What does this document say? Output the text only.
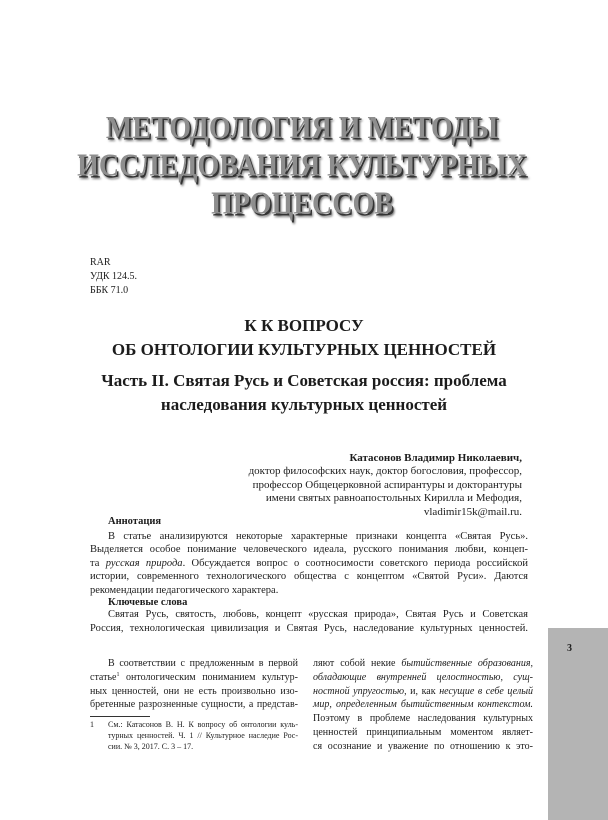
МЕТОДОЛОГИЯ И МЕТОДЫ
ИССЛЕДОВАНИЯ КУЛЬТУРНЫХ
ПРОЦЕССОВ
RAR
УДК 124.5.
ББК 71.0
К К ВОПРОСУ
ОБ ОНТОЛОГИИ КУЛЬТУРНЫХ ЦЕННОСТЕЙ
Часть II. Святая Русь и Советская россия: проблема
наследования культурных ценностей
Катасонов Владимир Николаевич,
доктор философских наук, доктор богословия, профессор,
профессор Общецерковной аспирантуры и докторантуры
имени святых равноапостольных Кирилла и Мефодия,
vladimir15k@mail.ru.
Аннотация
В статье анализируются некоторые характерные признаки концепта «Святая Русь».
Выделяется особое понимание человеческого идеала, русского понимания любви, концеп-
та русская природа. Обсуждается вопрос о соотносимости советского периода российской
истории, современного технологического общества с концептом «Святой Руси». Даются
рекомендации педагогического характера.
Ключевые слова
Святая Русь, святость, любовь, концепт «русская природа», Святая Русь и Советская
Россия, технологическая цивилизация и Святая Русь, наследование культурных ценностей.
В соответствии с предложенным в первой
статье$^1$ онтологическим пониманием культур-
ных ценностей, они не есть произвольно изо-
бретенные разрозненные сущности, а представ-
1 См.: Катасонов В. Н. К вопросу об онтологии куль-
турных ценностей. Ч. 1 // Культурное наследие Рос-
сии. № 3, 2017. С. 3 – 17.
ляют собой некие бытийственные образования,
обладающие внутренней целостностью, сущ-
ностной упругостью, и, как несущие в себе целый
мир, определенным бытийственным контекстом.
Поэтому в проблеме наследования культурных
ценностей принципиальным моментом являет-
ся осознание и уважение по отношению к это-
3
